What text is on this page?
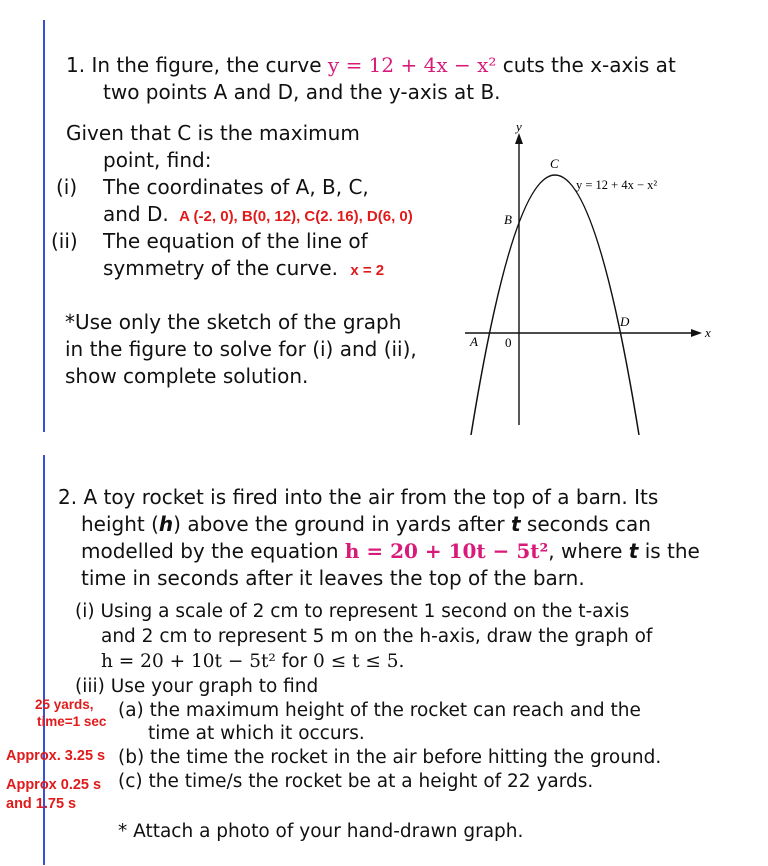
1. In the figure, the curve y = 12 + 4x − x² cuts the x-axis at
two points A and D, and the y-axis at B.
Given that C is the maximum
point, find:
(i) The coordinates of A, B, C,
and D. A (-2, 0), B(0, 12), C(2. 16), D(6, 0)
(ii) The equation of the line of
symmetry of the curve. x = 2
*Use only the sketch of the graph
in the figure to solve for (i) and (ii),
show complete solution.
y
x
C
B
D
A 0
y = 12 + 4x − x²
2. A toy rocket is fired into the air from the top of a barn. Its
height (h) above the ground in yards after t seconds can
modelled by the equation h = 20 + 10t − 5t², where t is the
time in seconds after it leaves the top of the barn.
(i) Using a scale of 2 cm to represent 1 second on the t-axis
and 2 cm to represent 5 m on the h-axis, draw the graph of
h = 20 + 10t − 5t² for 0 ≤ t ≤ 5.
(iii) Use your graph to find
25 yards,
time=1 sec
(a) the maximum height of the rocket can reach and the
time at which it occurs.
Approx. 3.25 s (b) the time the rocket in the air before hitting the ground.
Approx 0.25 s
and 1.75 s
(c) the time/s the rocket be at a height of 22 yards.
* Attach a photo of your hand-drawn graph.
